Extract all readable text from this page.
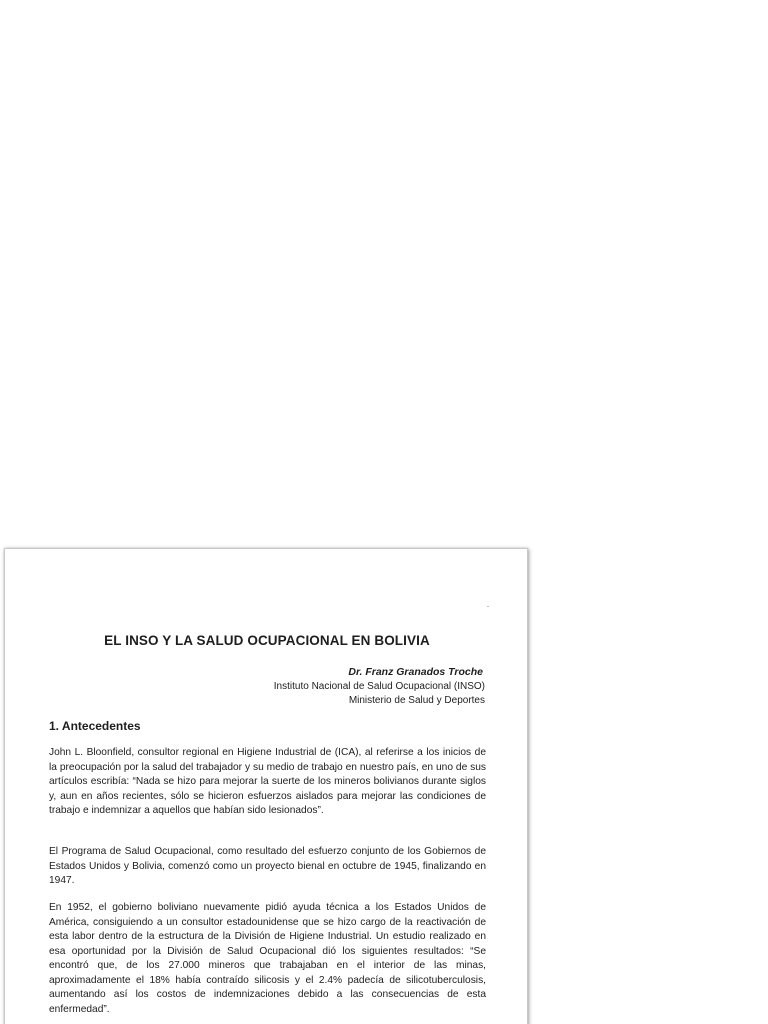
EL INSO Y LA SALUD OCUPACIONAL EN BOLIVIA

Dr. Franz Granados Troche

Instituto Nacional de Salud Ocupacional (INSO)

Ministerio de Salud y Deportes

1. Antecedentes

John L. Bloonfield, consultor regional en Higiene Industrial de (ICA), al referirse a los inicios de la preocupación por la salud del trabajador y su medio de trabajo en nuestro país, en uno de sus artículos escribía: “Nada se hizo para mejorar la suerte de los mineros bolivianos durante siglos y, aun en años recientes, sólo se hicieron esfuerzos aislados para mejorar las condiciones de trabajo e indemnizar a aquellos que habían sido lesionados”.

El Programa de Salud Ocupacional, como resultado del esfuerzo conjunto de los Gobiernos de Estados Unidos y Bolivia, comenzó como un proyecto bienal en octubre de 1945, finalizando en 1947.

En 1952, el gobierno boliviano nuevamente pidió ayuda técnica a los Estados Unidos de América, consiguiendo a un consultor estadounidense que se hizo cargo de la reactivación de esta labor dentro de la estructura de la División de Higiene Industrial. Un estudio realizado en esa oportunidad por la División de Salud Ocupacional dió los siguientes resultados: “Se encontró que, de los 27.000 mineros que trabajaban en el interior de las minas, aproximadamente el 18% había contraído silicosis y el 2.4% padecía de silicotuberculosis, aumentando así los costos de indemnizaciones debido a las consecuencias de esta enfermedad”.
